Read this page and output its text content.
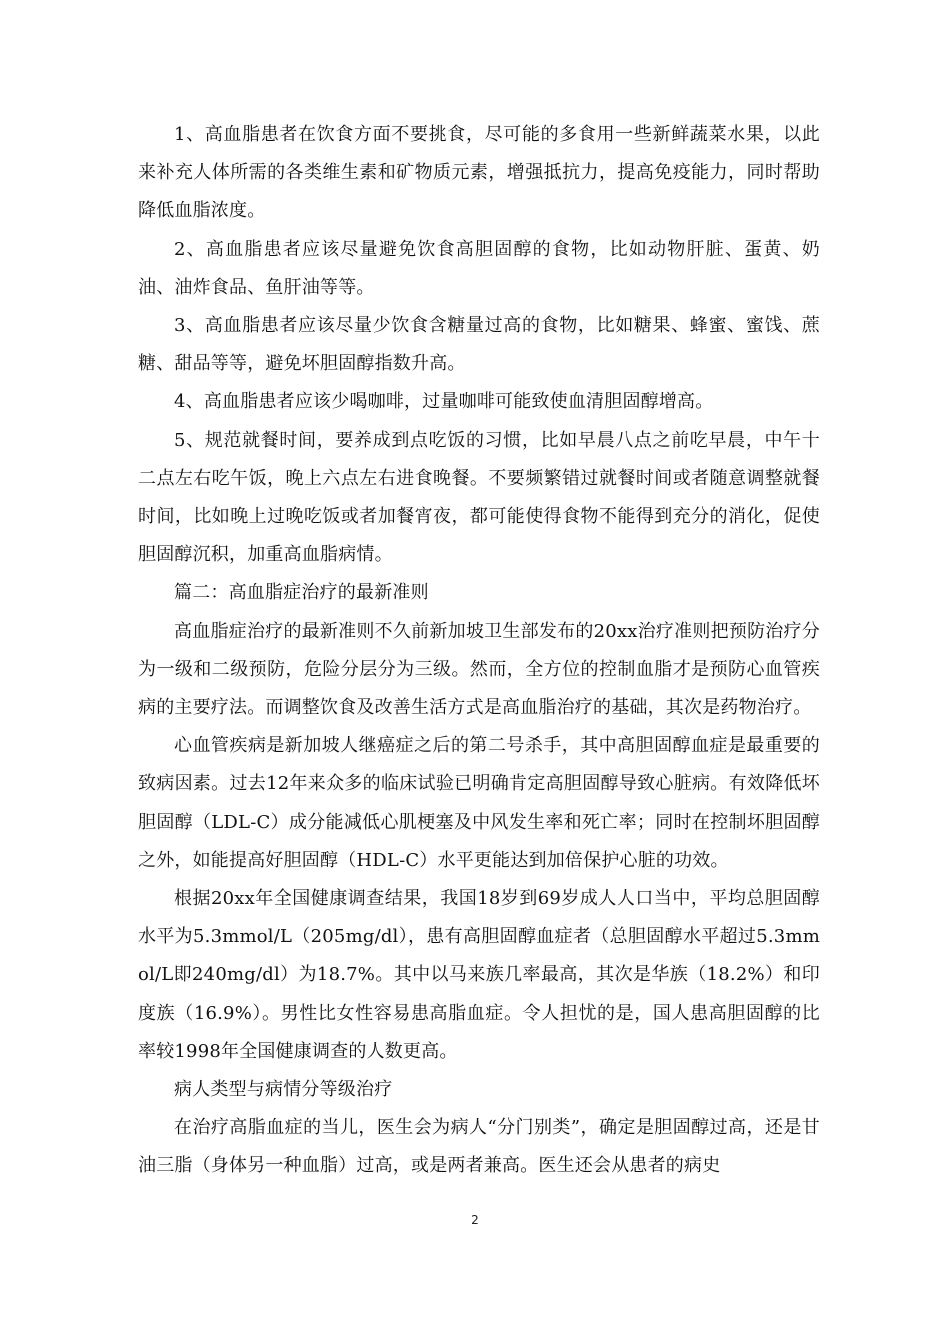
1、高血脂患者在饮食方面不要挑食，尽可能的多食用一些新鲜蔬菜水果，以此来补充人体所需的各类维生素和矿物质元素，增强抵抗力，提高免疫能力，同时帮助降低血脂浓度。

2、高血脂患者应该尽量避免饮食高胆固醇的食物，比如动物肝脏、蛋黄、奶油、油炸食品、鱼肝油等等。

3、高血脂患者应该尽量少饮食含糖量过高的食物，比如糖果、蜂蜜、蜜饯、蔗糖、甜品等等，避免坏胆固醇指数升高。

4、高血脂患者应该少喝咖啡，过量咖啡可能致使血清胆固醇增高。

5、规范就餐时间，要养成到点吃饭的习惯，比如早晨八点之前吃早晨，中午十二点左右吃午饭，晚上六点左右进食晚餐。不要频繁错过就餐时间或者随意调整就餐时间，比如晚上过晚吃饭或者加餐宵夜，都可能使得食物不能得到充分的消化，促使胆固醇沉积，加重高血脂病情。

篇二：高血脂症治疗的最新准则

高血脂症治疗的最新准则不久前新加坡卫生部发布的20xx治疗准则把预防治疗分为一级和二级预防，危险分层分为三级。然而，全方位的控制血脂才是预防心血管疾病的主要疗法。而调整饮食及改善生活方式是高血脂治疗的基础，其次是药物治疗。

心血管疾病是新加坡人继癌症之后的第二号杀手，其中高胆固醇血症是最重要的致病因素。过去12年来众多的临床试验已明确肯定高胆固醇导致心脏病。有效降低坏胆固醇（LDL-C）成分能减低心肌梗塞及中风发生率和死亡率；同时在控制坏胆固醇之外，如能提高好胆固醇（HDL-C）水平更能达到加倍保护心脏的功效。

根据20xx年全国健康调查结果，我国18岁到69岁成人人口当中，平均总胆固醇水平为5.3mmol/L（205mg/dl），患有高胆固醇血症者（总胆固醇水平超过5.3mmol/L即240mg/dl）为18.7%。其中以马来族几率最高，其次是华族（18.2%）和印度族（16.9%）。男性比女性容易患高脂血症。令人担忧的是，国人患高胆固醇的比率较1998年全国健康调查的人数更高。

病人类型与病情分等级治疗

在治疗高脂血症的当儿，医生会为病人“分门别类”，确定是胆固醇过高，还是甘油三脂（身体另一种血脂）过高，或是两者兼高。医生还会从患者的病史

2
